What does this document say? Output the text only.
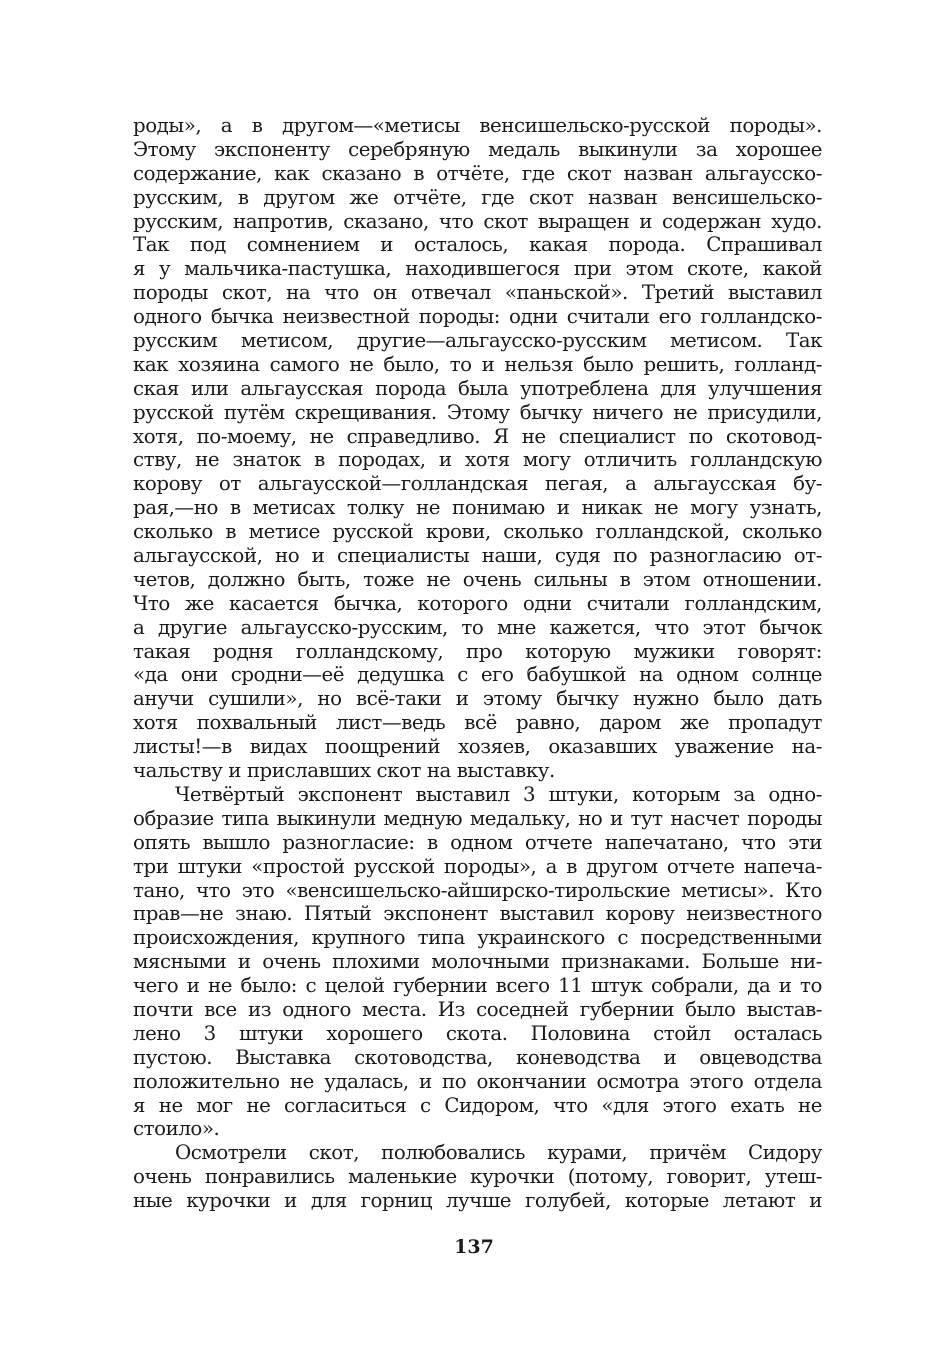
роды», а в другом—«метисы венсишельско-русской породы».
Этому экспоненту серебряную медаль выкинули за хорошее
содержание, как сказано в отчёте, где скот назван альгаусско-
русским, в другом же отчёте, где скот назван венсишельско-
русским, напротив, сказано, что скот выращен и содержан худо.
Так под сомнением и осталось, какая порода. Спрашивал
я у мальчика-пастушка, находившегося при этом скоте, какой
породы скот, на что он отвечал «паньской». Третий выставил
одного бычка неизвестной породы: одни считали его голландско-
русским метисом, другие—альгаусско-русским метисом. Так
как хозяина самого не было, то и нельзя было решить, голланд-
ская или альгаусская порода была употреблена для улучшения
русской путём скрещивания. Этому бычку ничего не присудили,
хотя, по-моему, не справедливо. Я не специалист по скотовод-
ству, не знаток в породах, и хотя могу отличить голландскую
корову от альгаусской—голландская пегая, а альгаусская бу-
рая,—но в метисах толку не понимаю и никак не могу узнать,
сколько в метисе русской крови, сколько голландской, сколько
альгаусской, но и специалисты наши, судя по разногласию от-
четов, должно быть, тоже не очень сильны в этом отношении.
Что же касается бычка, которого одни считали голландским,
а другие альгаусско-русским, то мне кажется, что этот бычок
такая родня голландскому, про которую мужики говорят:
«да они сродни—её дедушка с его бабушкой на одном солнце
анучи сушили», но всё-таки и этому бычку нужно было дать
хотя похвальный лист—ведь всё равно, даром же пропадут
листы!—в видах поощрений хозяев, оказавших уважение на-
чальству и приславших скот на выставку.
Четвёртый экспонент выставил 3 штуки, которым за одно-
образие типа выкинули медную медальку, но и тут насчет породы
опять вышло разногласие: в одном отчете напечатано, что эти
три штуки «простой русской породы», а в другом отчете напеча-
тано, что это «венсишельско-айширско-тирольские метисы». Кто
прав—не знаю. Пятый экспонент выставил корову неизвестного
происхождения, крупного типа украинского с посредственными
мясными и очень плохими молочными признаками. Больше ни-
чего и не было: с целой губернии всего 11 штук собрали, да и то
почти все из одного места. Из соседней губернии было выстав-
лено 3 штуки хорошего скота. Половина стойл осталась
пустою. Выставка скотоводства, коневодства и овцеводства
положительно не удалась, и по окончании осмотра этого отдела
я не мог не согласиться с Сидором, что «для этого ехать не
стоило».
Осмотрели скот, полюбовались курами, причём Сидору
очень понравились маленькие курочки (потому, говорит, утеш-
ные курочки и для горниц лучше голубей, которые летают и
137
